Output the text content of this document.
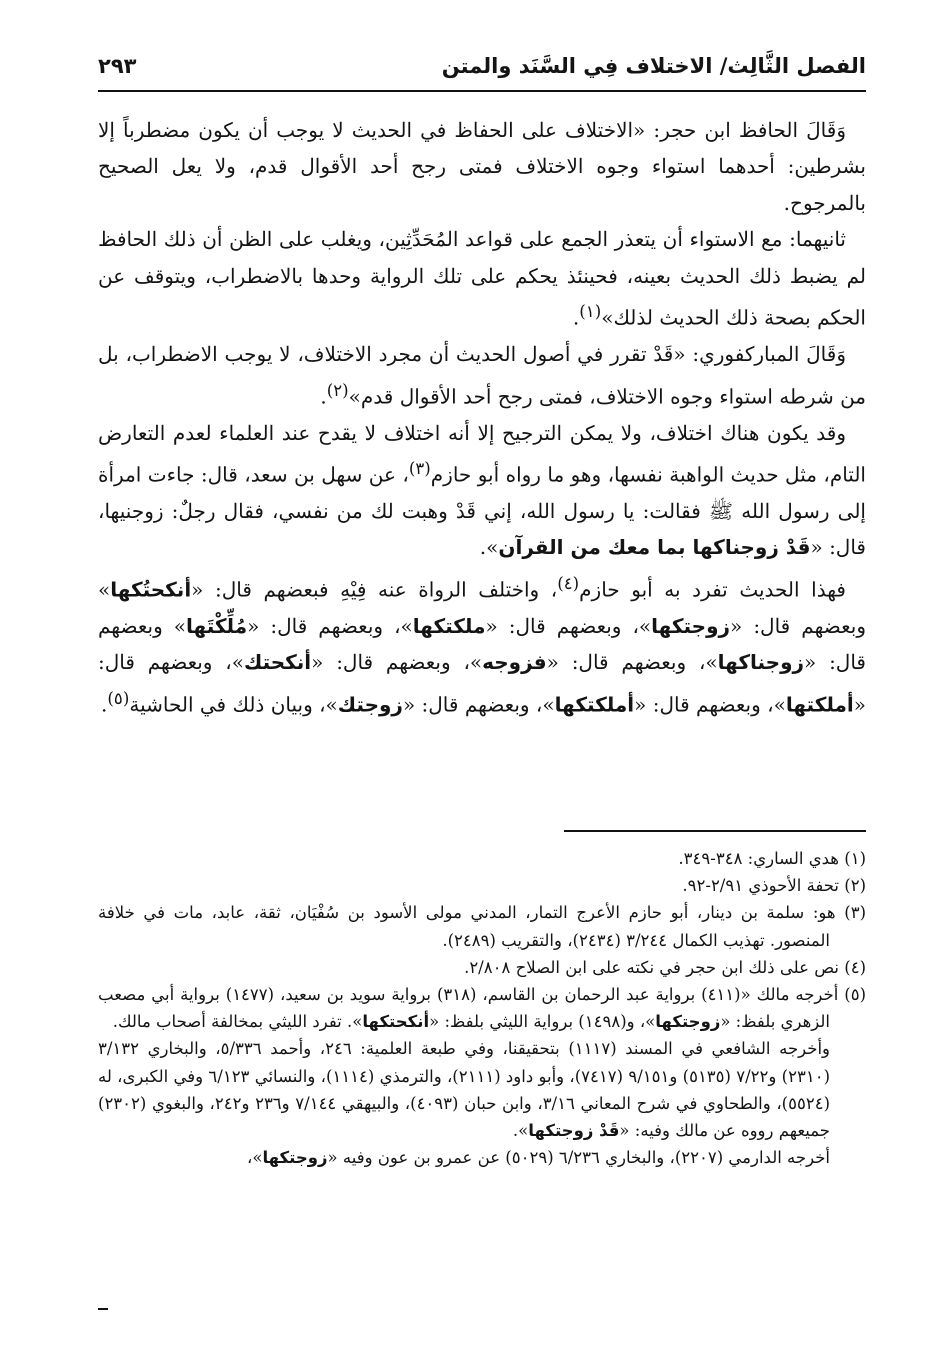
الفصل الثَّالِث/ الاختلاف فِي السَّنَد والمتن
٢٩٣

وَقَالَ الحافظ ابن حجر: «الاختلاف على الحفاظ في الحديث لا يوجب أن يكون مضطرباً إلا بشرطين: أحدهما استواء وجوه الاختلاف فمتى رجح أحد الأقوال قدم، ولا يعل الصحيح بالمرجوح.

ثانيهما: مع الاستواء أن يتعذر الجمع على قواعد المُحَدِّثِين، ويغلب على الظن أن ذلك الحافظ لم يضبط ذلك الحديث بعينه، فحينئذ يحكم على تلك الرواية وحدها بالاضطراب، ويتوقف عن الحكم بصحة ذلك الحديث لذلك»$^{(١)}$.

وَقَالَ المباركفوري: «قَدْ تقرر في أصول الحديث أن مجرد الاختلاف، لا يوجب الاضطراب، بل من شرطه استواء وجوه الاختلاف، فمتى رجح أحد الأقوال قدم»$^{(٢)}$.

وقد يكون هناك اختلاف، ولا يمكن الترجيح إلا أنه اختلاف لا يقدح عند العلماء لعدم التعارض التام، مثل حديث الواهبة نفسها، وهو ما رواه أبو حازم$^{(٣)}$، عن سهل بن سعد، قال: جاءت امرأة إلى رسول الله ﷺ فقالت: يا رسول الله، إني قَدْ وهبت لك من نفسي، فقال رجلٌ: زوجنيها، قال: «قَدْ زوجناكها بما معك من القرآن».

فهذا الحديث تفرد به أبو حازم$^{(٤)}$، واختلف الرواة عنه فِيْهِ فبعضهم قال: «أنكحتُكها» وبعضهم قال: «زوجتكها»، وبعضهم قال: «ملكتكها»، وبعضهم قال: «مُلِّكْتَها» وبعضهم قال: «زوجناكها»، وبعضهم قال: «فزوجه»، وبعضهم قال: «أنكحتك»، وبعضهم قال: «أملكتها»، وبعضهم قال: «أملكتكها»، وبعضهم قال: «زوجتك»، وبيان ذلك في الحاشية$^{(٥)}$.

(١) هدي الساري: ٣٤٨-٣٤٩.

(٢) تحفة الأحوذي ٢/٩١-٩٢.

(٣) هو: سلمة بن دينار، أبو حازم الأعرج التمار، المدني مولى الأسود بن سُفْيَان، ثقة، عابد، مات في خلافة المنصور. تهذيب الكمال ٣/٢٤٤ (٢٤٣٤)، والتقريب (٢٤٨٩).

(٤) نص على ذلك ابن حجر في نكته على ابن الصلاح ٢/٨٠٨.

(٥) أخرجه مالك «(٤١١) برواية عبد الرحمان بن القاسم، (٣١٨) برواية سويد بن سعيد، (١٤٧٧) برواية أبي مصعب الزهري بلفظ: «زوجتكها»، و(١٤٩٨) برواية الليثي بلفظ: «أنكحتكها». تفرد الليثي بمخالفة أصحاب مالك.

وأخرجه الشافعي في المسند (١١١٧) بتحقيقنا، وفي طبعة العلمية: ٢٤٦، وأحمد ٥/٣٣٦، والبخاري ٣/١٣٢ (٢٣١٠) و٧/٢٢ (٥١٣٥) و٩/١٥١ (٧٤١٧)، وأبو داود (٢١١١)، والترمذي (١١١٤)، والنسائي ٦/١٢٣ وفي الكبرى، له (٥٥٢٤)، والطحاوي في شرح المعاني ٣/١٦، وابن حبان (٤٠٩٣)، والبيهقي ٧/١٤٤ و٢٣٦ و٢٤٢، والبغوي (٢٣٠٢) جميعهم رووه عن مالك وفيه: «قَدْ زوجتكها».

أخرجه الدارمي (٢٢٠٧)، والبخاري ٦/٢٣٦ (٥٠٢٩) عن عمرو بن عون وفيه «زوجتكها»،
